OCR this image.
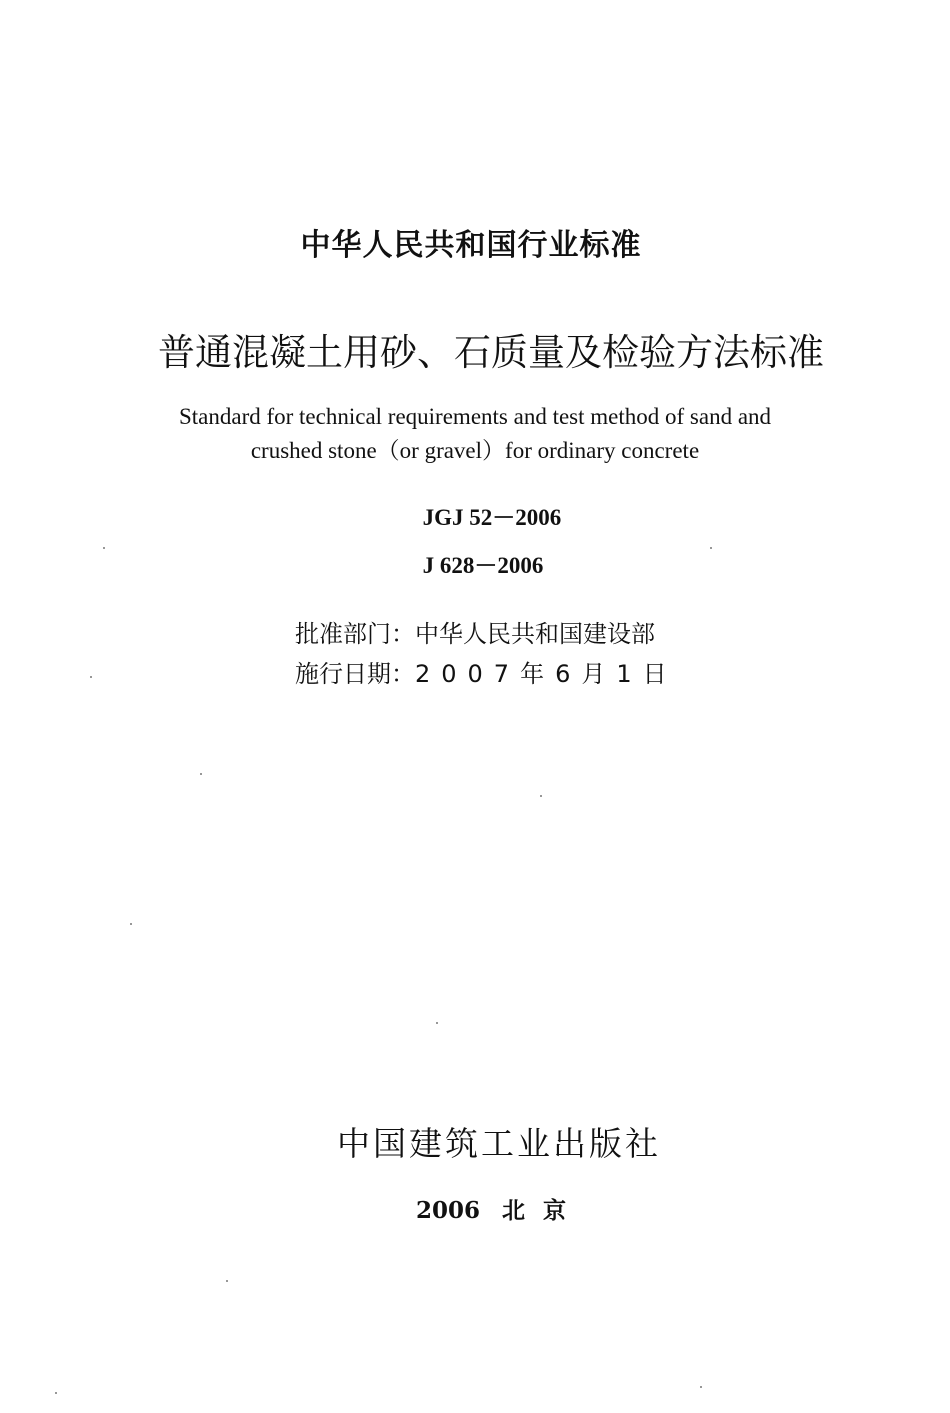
中华人民共和国行业标准
普通混凝土用砂、石质量及检验方法标准
Standard for technical requirements and test method of sand and
crushed stone（or gravel）for ordinary concrete
JGJ 52－2006
J 628－2006
批准部门：中华人民共和国建设部
施行日期：2007年6月1日
中国建筑工业出版社
2006 北京
